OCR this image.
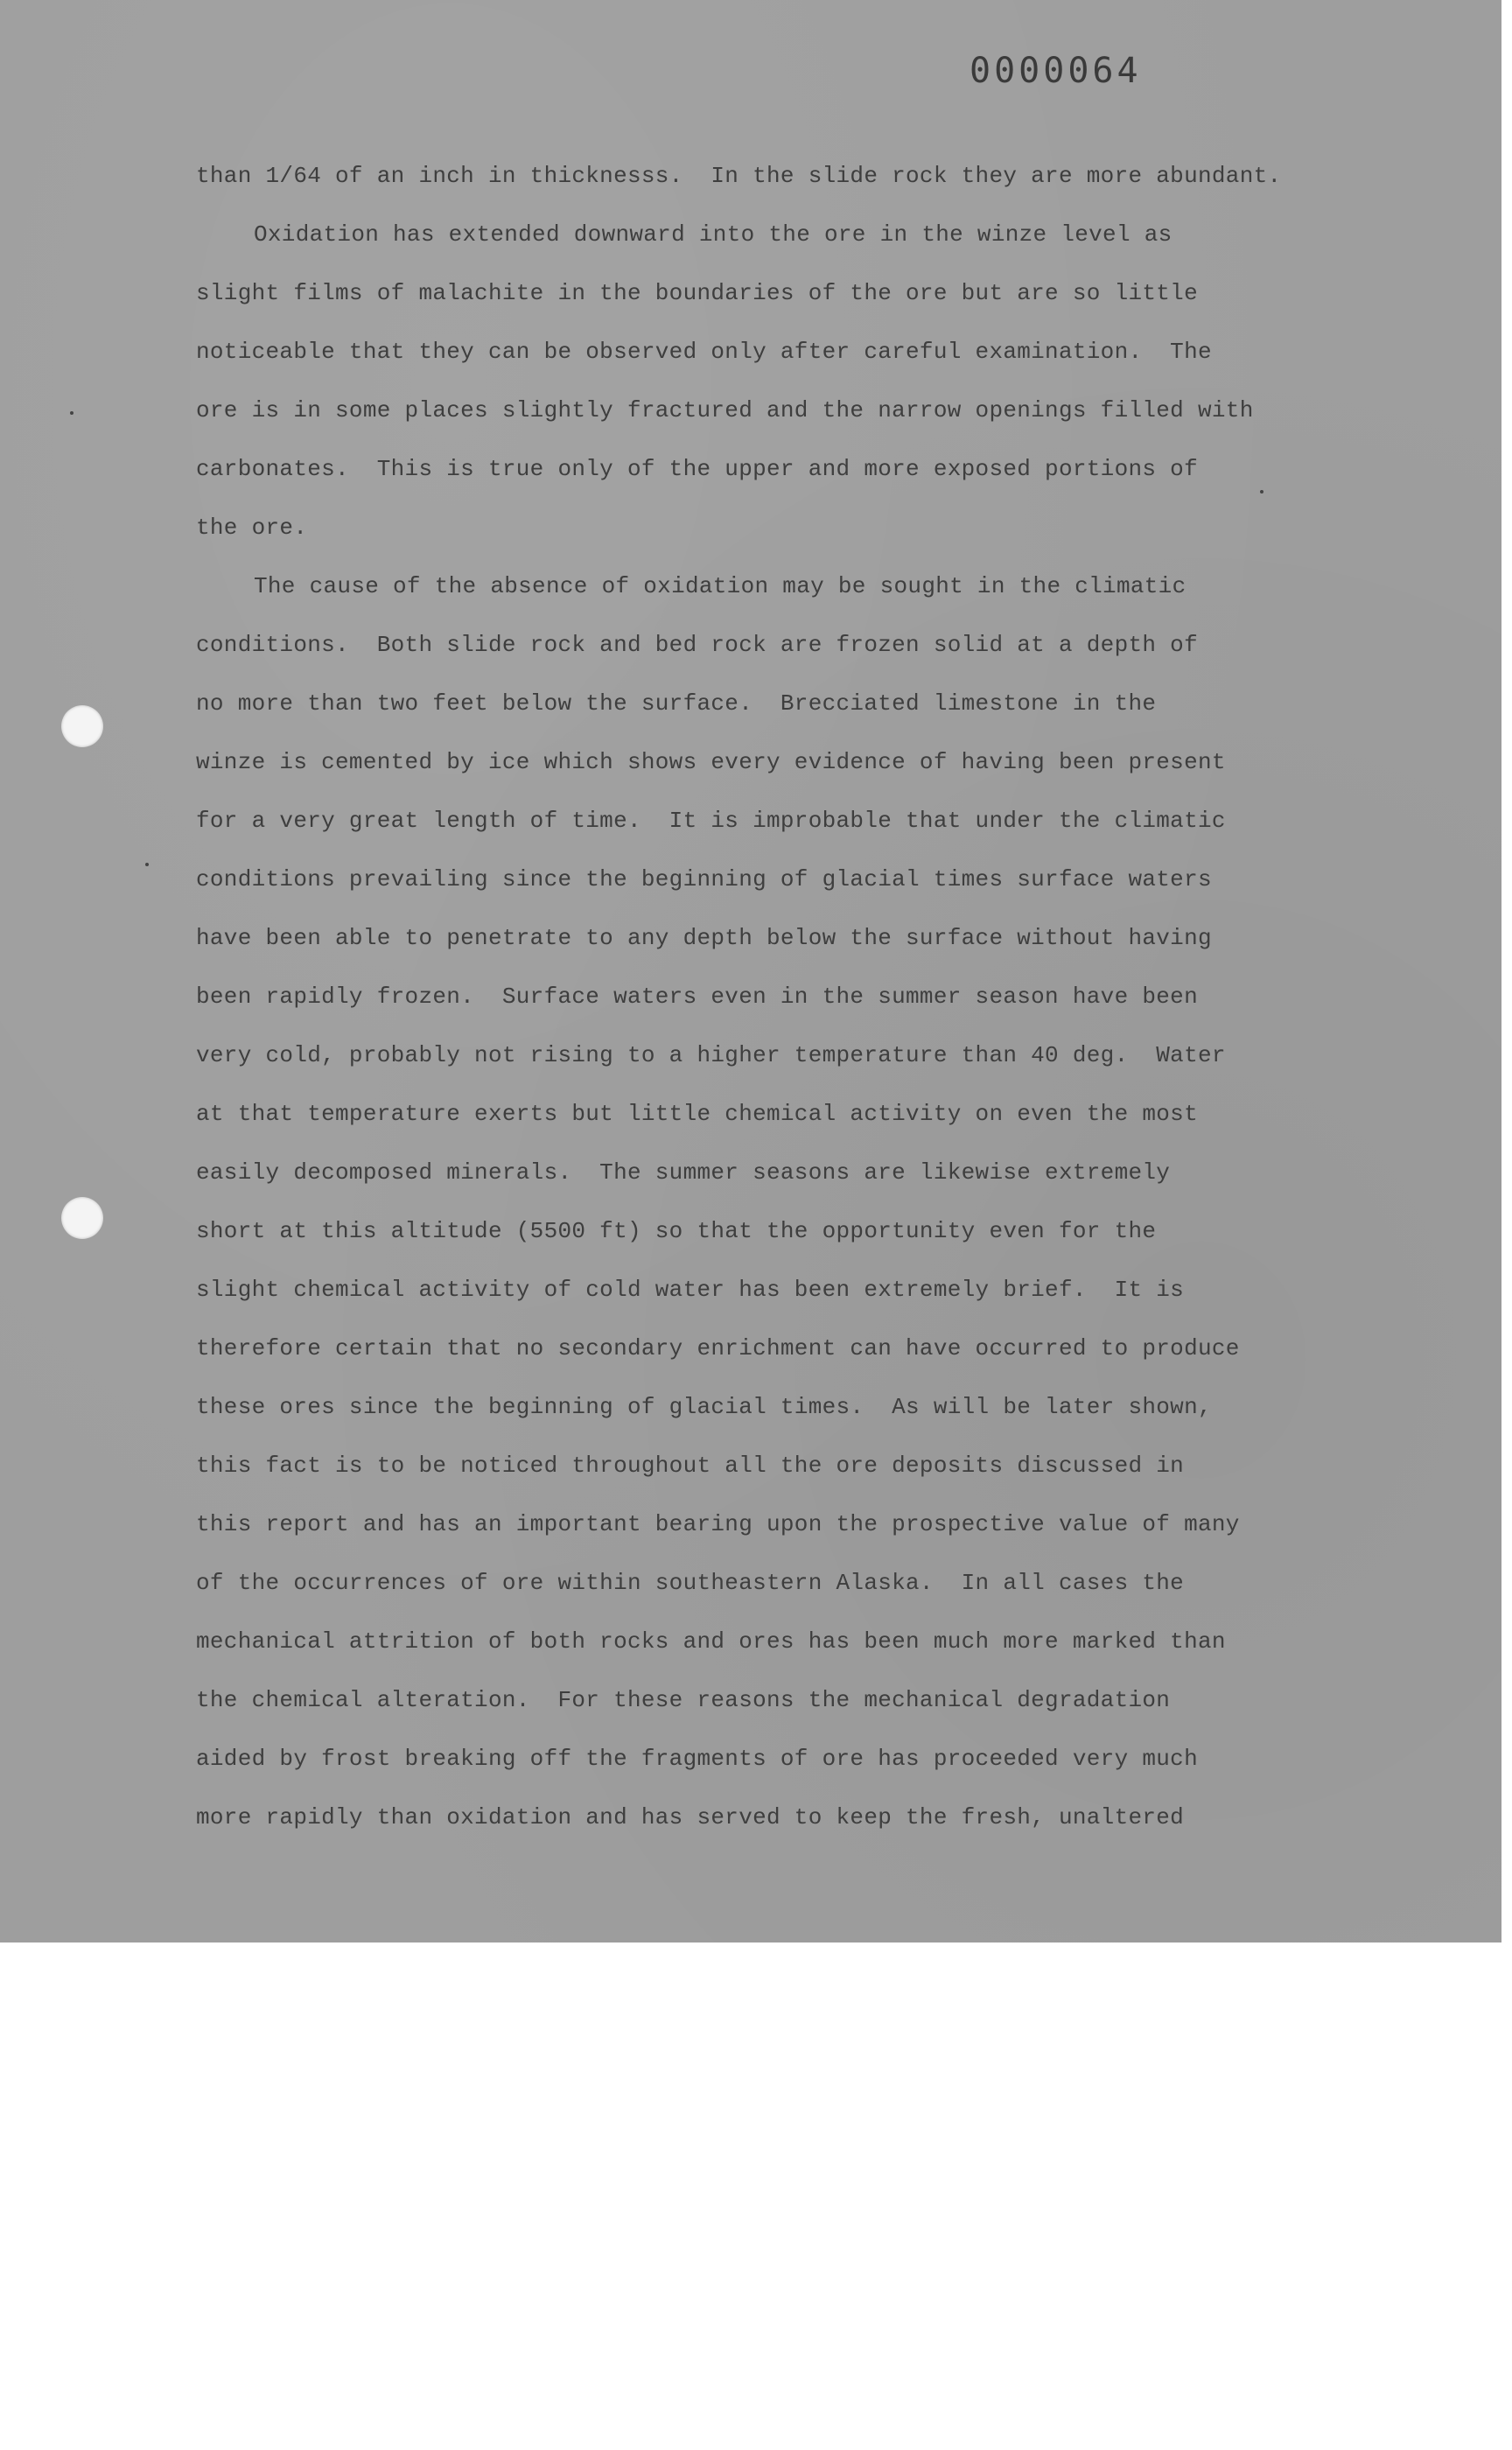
0000064
than 1/64 of an inch in thicknesss.  In the slide rock they are more abundant.
Oxidation has extended downward into the ore in the winze level as
slight films of malachite in the boundaries of the ore but are so little
noticeable that they can be observed only after careful examination.  The
ore is in some places slightly fractured and the narrow openings filled with
carbonates.  This is true only of the upper and more exposed portions of
the ore.
The cause of the absence of oxidation may be sought in the climatic
conditions.  Both slide rock and bed rock are frozen solid at a depth of
no more than two feet below the surface.  Brecciated limestone in the
winze is cemented by ice which shows every evidence of having been present
for a very great length of time.  It is improbable that under the climatic
conditions prevailing since the beginning of glacial times surface waters
have been able to penetrate to any depth below the surface without having
been rapidly frozen.  Surface waters even in the summer season have been
very cold, probably not rising to a higher temperature than 40 deg.  Water
at that temperature exerts but little chemical activity on even the most
easily decomposed minerals.  The summer seasons are likewise extremely
short at this altitude (5500 ft) so that the opportunity even for the
slight chemical activity of cold water has been extremely brief.  It is
therefore certain that no secondary enrichment can have occurred to produce
these ores since the beginning of glacial times.  As will be later shown,
this fact is to be noticed throughout all the ore deposits discussed in
this report and has an important bearing upon the prospective value of many
of the occurrences of ore within southeastern Alaska.  In all cases the
mechanical attrition of both rocks and ores has been much more marked than
the chemical alteration.  For these reasons the mechanical degradation
aided by frost breaking off the fragments of ore has proceeded very much
more rapidly than oxidation and has served to keep the fresh, unaltered
